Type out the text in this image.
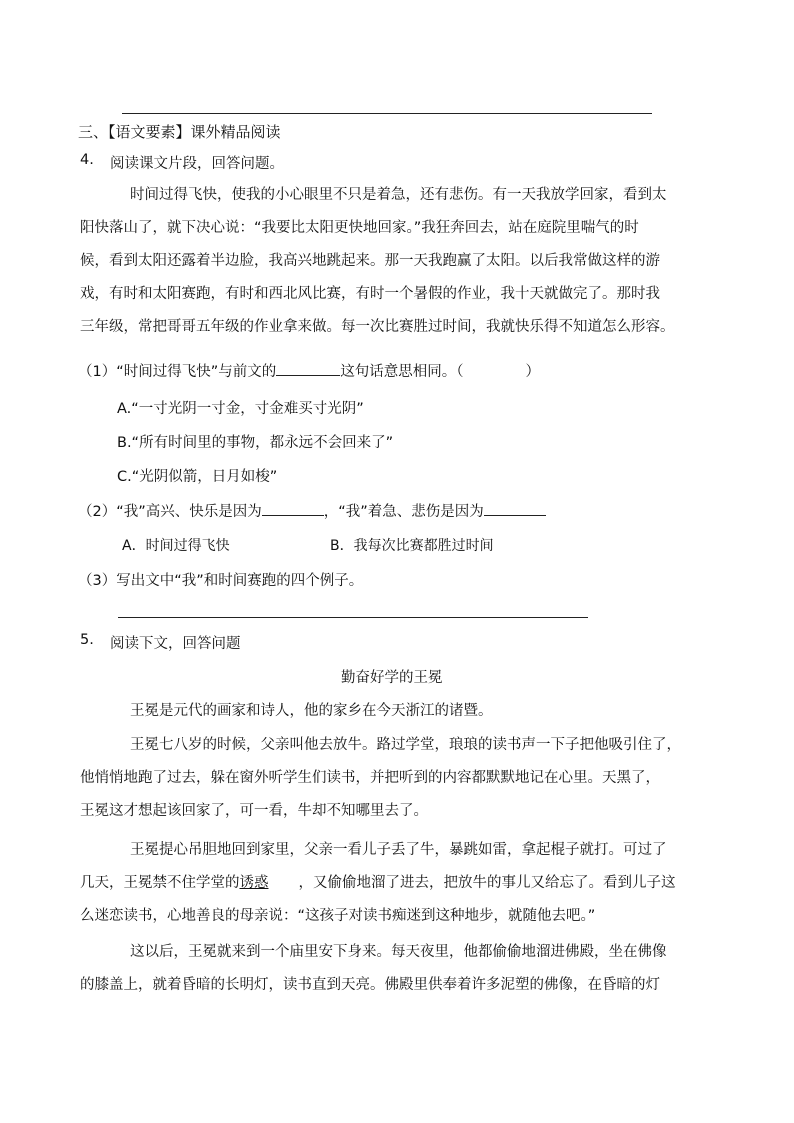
三、【语文要素】课外精品阅读
4. 阅读课文片段，回答问题。
时间过得飞快，使我的小心眼里不只是着急，还有悲伤。有一天我放学回家，看到太
阳快落山了，就下决心说：“我要比太阳更快地回家。”我狂奔回去，站在庭院里喘气的时
候，看到太阳还露着半边脸，我高兴地跳起来。那一天我跑赢了太阳。以后我常做这样的游
戏，有时和太阳赛跑，有时和西北风比赛，有时一个暑假的作业，我十天就做完了。那时我
三年级，常把哥哥五年级的作业拿来做。每一次比赛胜过时间，我就快乐得不知道怎么形容。
（1）“时间过得飞快”与前文的	这句话意思相同。（	）
A.“一寸光阴一寸金，寸金难买寸光阴”
B.“所有时间里的事物，都永远不会回来了”
C.“光阴似箭，日月如梭”
（2）“我”高兴、快乐是因为	，“我”着急、悲伤是因为
A．时间过得飞快	B．我每次比赛都胜过时间
（3）写出文中“我”和时间赛跑的四个例子。
5. 阅读下文，回答问题
勤奋好学的王冕
王冕是元代的画家和诗人，他的家乡在今天浙江的诸暨。
王冕七八岁的时候，父亲叫他去放牛。路过学堂，琅琅的读书声一下子把他吸引住了，
他悄悄地跑了过去，躲在窗外听学生们读书，并把听到的内容都默默地记在心里。天黑了，
王冕这才想起该回家了，可一看，牛却不知哪里去了。
王冕提心吊胆地回到家里，父亲一看儿子丢了牛，暴跳如雷，拿起棍子就打。可过了
几天，王冕禁不住学堂的诱惑 ，又偷偷地溜了进去，把放牛的事儿又给忘了。看到儿子这
么迷恋读书，心地善良的母亲说：“这孩子对读书痴迷到这种地步，就随他去吧。”
这以后，王冕就来到一个庙里安下身来。每天夜里，他都偷偷地溜进佛殿，坐在佛像
的膝盖上，就着昏暗的长明灯，读书直到天亮。佛殿里供奉着许多泥塑的佛像，在昏暗的灯
